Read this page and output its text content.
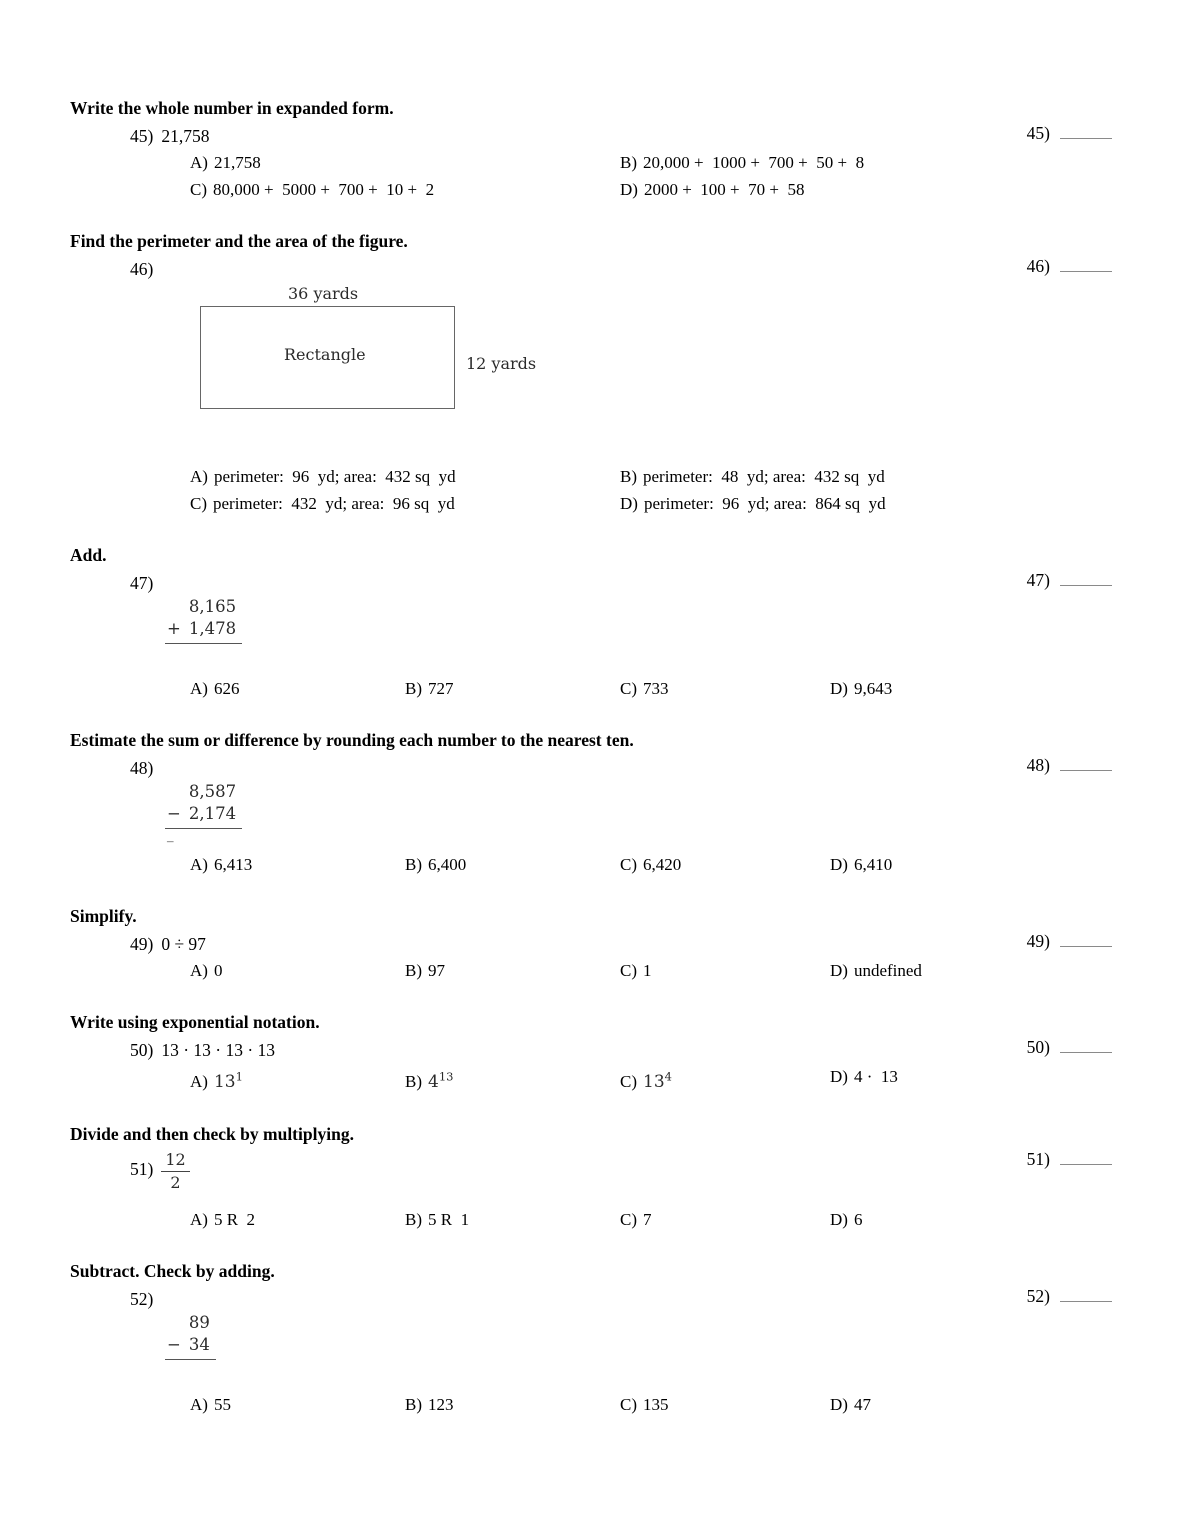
Write the whole number in expanded form.
45) 21,758
A) 21,758	B) 20,000 +  1000 +  700 +  50 +  8
C) 80,000 +  5000 +  700 +  10 +  2	D) 2000 +  100 +  70 +  58
45)
Find the perimeter and the area of the figure.
46)
36 yards
Rectangle	12 yards
A) perimeter:  96  yd; area:  432 sq  yd	B) perimeter:  48  yd; area:  432 sq  yd
C) perimeter:  432  yd; area:  96 sq  yd	D) perimeter:  96  yd; area:  864 sq  yd
46)
Add.
47)
8,165
+ 1,478
A) 626	B) 727	C) 733	D) 9,643
47)
Estimate the sum or difference by rounding each number to the nearest ten.
48)
8,587
− 2,174
–
A) 6,413	B) 6,400	C) 6,420	D) 6,410
48)
Simplify.
49) 0 ÷ 97
A) 0	B) 97	C) 1	D) undefined
49)
Write using exponential notation.
50) 13 · 13 · 13 · 13
A) $13^1$	B) $4^{13}$	C) $13^4$	D) 4 ·  13
50)
Divide and then check by multiplying.
$51) \frac{12}{2}$
A) 5 R  2	B) 5 R  1	C) 7	D) 6
51)
Subtract. Check by adding.
52)
89
− 34
A) 55	B) 123	C) 135	D) 47
52)
